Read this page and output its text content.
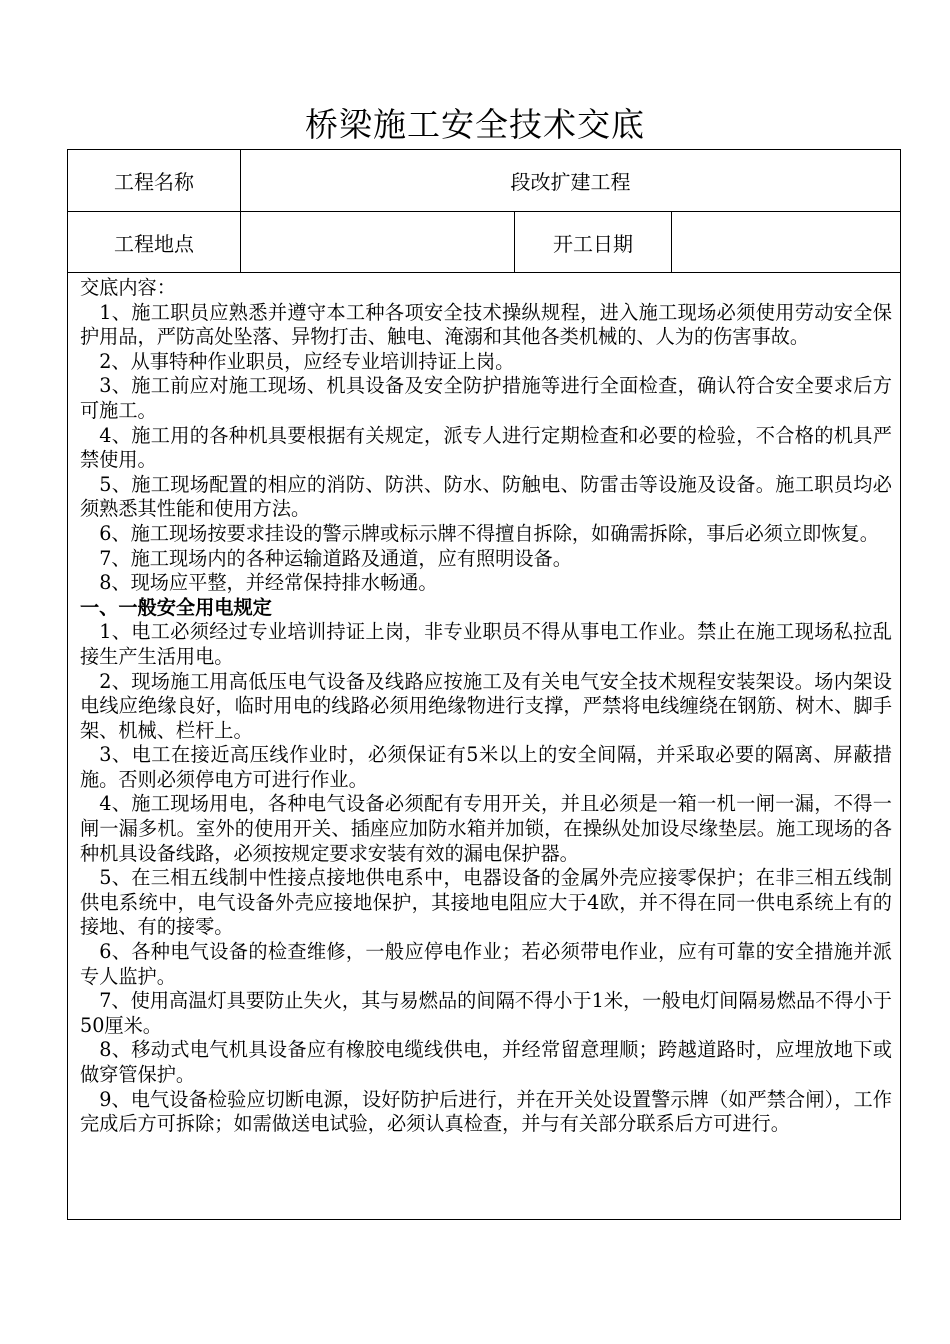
桥梁施工安全技术交底
工程名称	段改扩建工程
工程地点	开工日期

交底内容：

1、施工职员应熟悉并遵守本工种各项安全技术操纵规程，进入施工现场必须使用劳动安全保护用品，严防高处坠落、异物打击、触电、淹溺和其他各类机械的、人为的伤害事故。

2、从事特种作业职员，应经专业培训持证上岗。

3、施工前应对施工现场、机具设备及安全防护措施等进行全面检查，确认符合安全要求后方可施工。

4、施工用的各种机具要根据有关规定，派专人进行定期检查和必要的检验，不合格的机具严禁使用。

5、施工现场配置的相应的消防、防洪、防水、防触电、防雷击等设施及设备。施工职员均必须熟悉其性能和使用方法。

6、施工现场按要求挂设的警示牌或标示牌不得擅自拆除，如确需拆除，事后必须立即恢复。

7、施工现场内的各种运输道路及通道，应有照明设备。

8、现场应平整，并经常保持排水畅通。

一、一般安全用电规定

1、电工必须经过专业培训持证上岗，非专业职员不得从事电工作业。禁止在施工现场私拉乱接生产生活用电。

2、现场施工用高低压电气设备及线路应按施工及有关电气安全技术规程安装架设。场内架设电线应绝缘良好，临时用电的线路必须用绝缘物进行支撑，严禁将电线缠绕在钢筋、树木、脚手架、机械、栏杆上。

3、电工在接近高压线作业时，必须保证有5米以上的安全间隔，并采取必要的隔离、屏蔽措施。否则必须停电方可进行作业。

4、施工现场用电，各种电气设备必须配有专用开关，并且必须是一箱一机一闸一漏，不得一闸一漏多机。室外的使用开关、插座应加防水箱并加锁，在操纵处加设尽缘垫层。施工现场的各种机具设备线路，必须按规定要求安装有效的漏电保护器。

5、在三相五线制中性接点接地供电系中，电器设备的金属外壳应接零保护；在非三相五线制供电系统中，电气设备外壳应接地保护，其接地电阻应大于4欧，并不得在同一供电系统上有的接地、有的接零。

6、各种电气设备的检查维修，一般应停电作业；若必须带电作业，应有可靠的安全措施并派专人监护。

7、使用高温灯具要防止失火，其与易燃品的间隔不得小于1米，一般电灯间隔易燃品不得小于50厘米。

8、移动式电气机具设备应有橡胶电缆线供电，并经常留意理顺；跨越道路时，应埋放地下或做穿管保护。

9、电气设备检验应切断电源，设好防护后进行，并在开关处设置警示牌（如严禁合闸），工作完成后方可拆除；如需做送电试验，必须认真检查，并与有关部分联系后方可进行。
